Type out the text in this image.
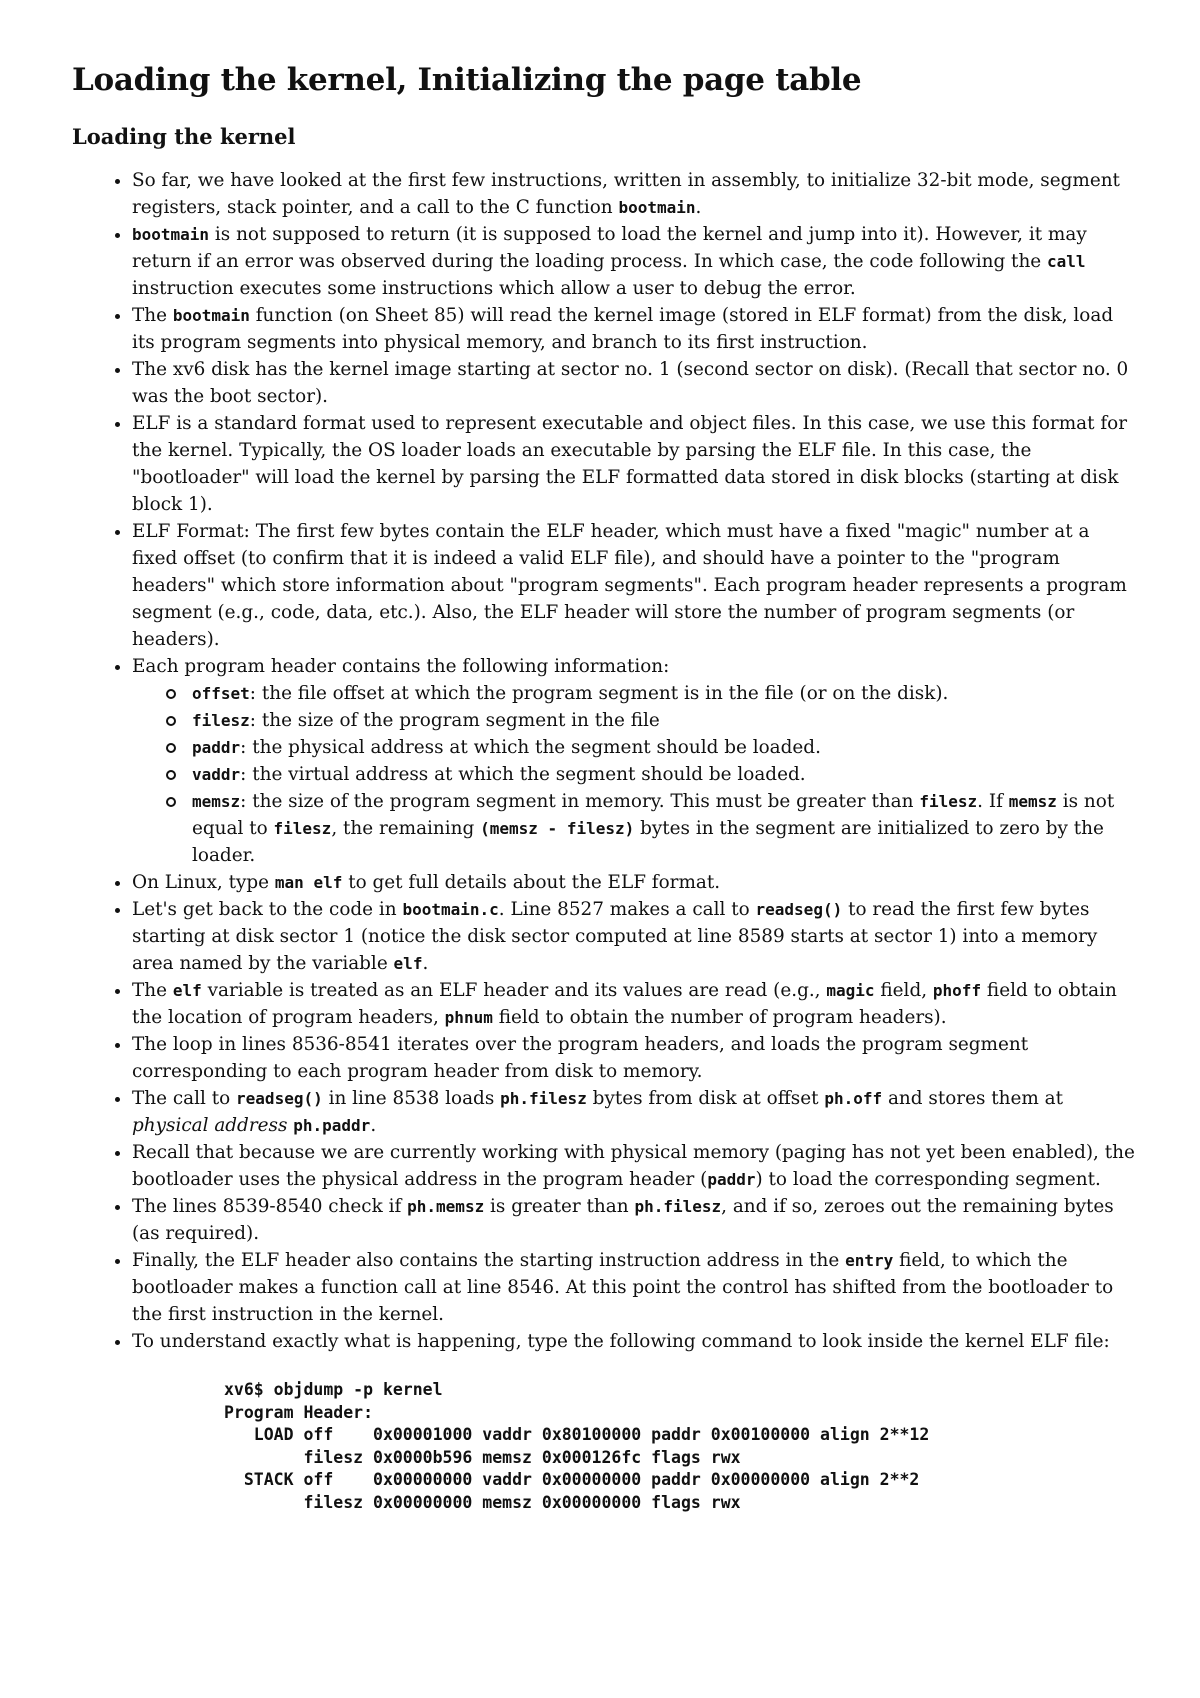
Loading the kernel, Initializing the page table
Loading the kernel
• So far, we have looked at the first few instructions, written in assembly, to initialize 32-bit mode, segment registers, stack pointer, and a call to the C function bootmain.
• bootmain is not supposed to return (it is supposed to load the kernel and jump into it). However, it may return if an error was observed during the loading process. In which case, the code following the call instruction executes some instructions which allow a user to debug the error.
• The bootmain function (on Sheet 85) will read the kernel image (stored in ELF format) from the disk, load its program segments into physical memory, and branch to its first instruction.
• The xv6 disk has the kernel image starting at sector no. 1 (second sector on disk). (Recall that sector no. 0 was the boot sector).
• ELF is a standard format used to represent executable and object files. In this case, we use this format for the kernel. Typically, the OS loader loads an executable by parsing the ELF file. In this case, the "bootloader" will load the kernel by parsing the ELF formatted data stored in disk blocks (starting at disk block 1).
• ELF Format: The first few bytes contain the ELF header, which must have a fixed "magic" number at a fixed offset (to confirm that it is indeed a valid ELF file), and should have a pointer to the "program headers" which store information about "program segments". Each program header represents a program segment (e.g., code, data, etc.). Also, the ELF header will store the number of program segments (or headers).
• Each program header contains the following information:
offset: the file offset at which the program segment is in the file (or on the disk).
filesz: the size of the program segment in the file
paddr: the physical address at which the segment should be loaded.
vaddr: the virtual address at which the segment should be loaded.
memsz: the size of the program segment in memory. This must be greater than filesz. If memsz is not equal to filesz, the remaining (memsz - filesz) bytes in the segment are initialized to zero by the loader.
• On Linux, type man elf to get full details about the ELF format.
• Let's get back to the code in bootmain.c. Line 8527 makes a call to readseg() to read the first few bytes starting at disk sector 1 (notice the disk sector computed at line 8589 starts at sector 1) into a memory area named by the variable elf.
• The elf variable is treated as an ELF header and its values are read (e.g., magic field, phoff field to obtain the location of program headers, phnum field to obtain the number of program headers).
• The loop in lines 8536-8541 iterates over the program headers, and loads the program segment corresponding to each program header from disk to memory.
• The call to readseg() in line 8538 loads ph.filesz bytes from disk at offset ph.off and stores them at physical address ph.paddr.
• Recall that because we are currently working with physical memory (paging has not yet been enabled), the bootloader uses the physical address in the program header (paddr) to load the corresponding segment.
• The lines 8539-8540 check if ph.memsz is greater than ph.filesz, and if so, zeroes out the remaining bytes (as required).
• Finally, the ELF header also contains the starting instruction address in the entry field, to which the bootloader makes a function call at line 8546. At this point the control has shifted from the bootloader to the first instruction in the kernel.
• To understand exactly what is happening, type the following command to look inside the kernel ELF file:
xv6$ objdump -p kernel
Program Header:
LOAD off    0x00001000 vaddr 0x80100000 paddr 0x00100000 align 2**12
filesz 0x0000b596 memsz 0x000126fc flags rwx
STACK off    0x00000000 vaddr 0x00000000 paddr 0x00000000 align 2**2
filesz 0x00000000 memsz 0x00000000 flags rwx
